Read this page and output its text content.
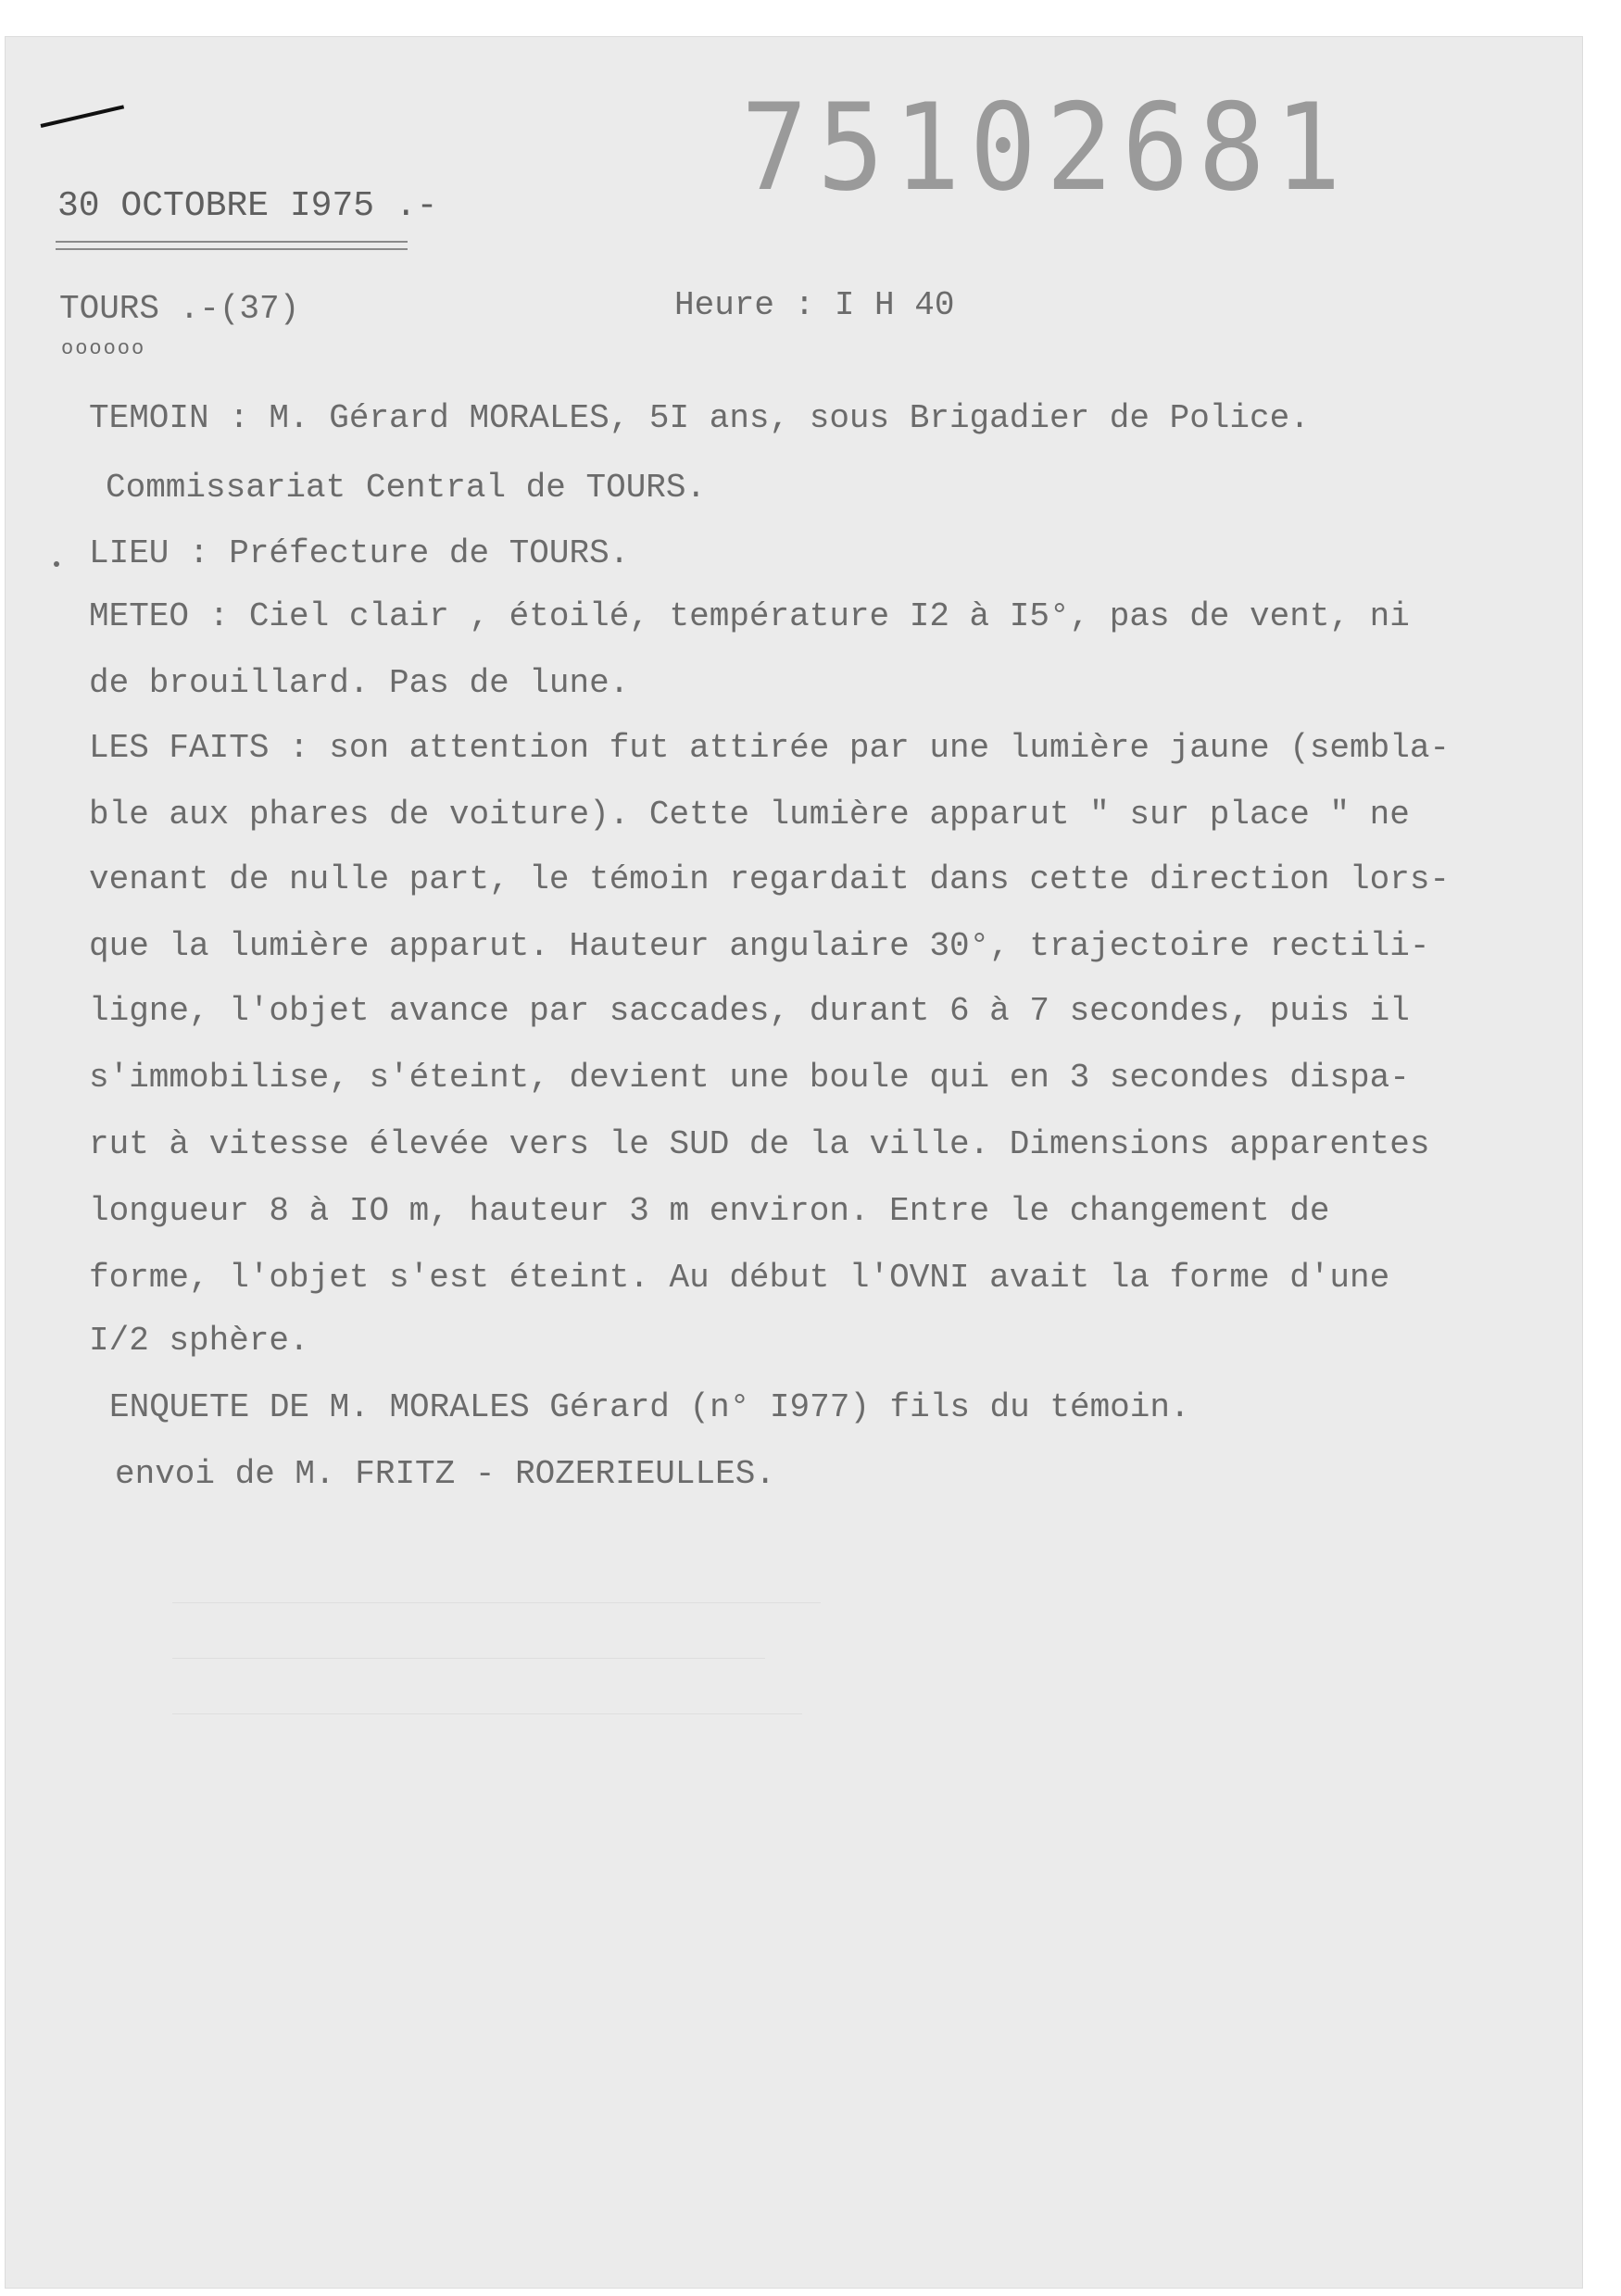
75102681
30 OCTOBRE I975 .-
TOURS .-(37)	Heure : I H 40
oooooo
TEMOIN : M. Gérard MORALES, 5I ans, sous Brigadier de Police.
Commissariat Central de TOURS.
LIEU : Préfecture de TOURS.
METEO : Ciel clair , étoilé, température I2 à I5°, pas de vent, ni
de brouillard. Pas de lune.
LES FAITS : son attention fut attirée par une lumière jaune (sembla-
ble aux phares de voiture). Cette lumière apparut " sur place " ne
venant de nulle part, le témoin regardait dans cette direction lors-
que la lumière apparut. Hauteur angulaire 30°, trajectoire rectili-
ligne, l'objet avance par saccades, durant 6 à 7 secondes, puis il
s'immobilise, s'éteint, devient une boule qui en 3 secondes dispa-
rut à vitesse élevée vers le SUD de la ville. Dimensions apparentes
longueur 8 à IO m, hauteur 3 m environ. Entre le changement de
forme, l'objet s'est éteint. Au début l'OVNI avait la forme d'une
I/2 sphère.
ENQUETE DE M. MORALES Gérard (n° I977) fils du témoin.
envoi de M. FRITZ - ROZERIEULLES.
